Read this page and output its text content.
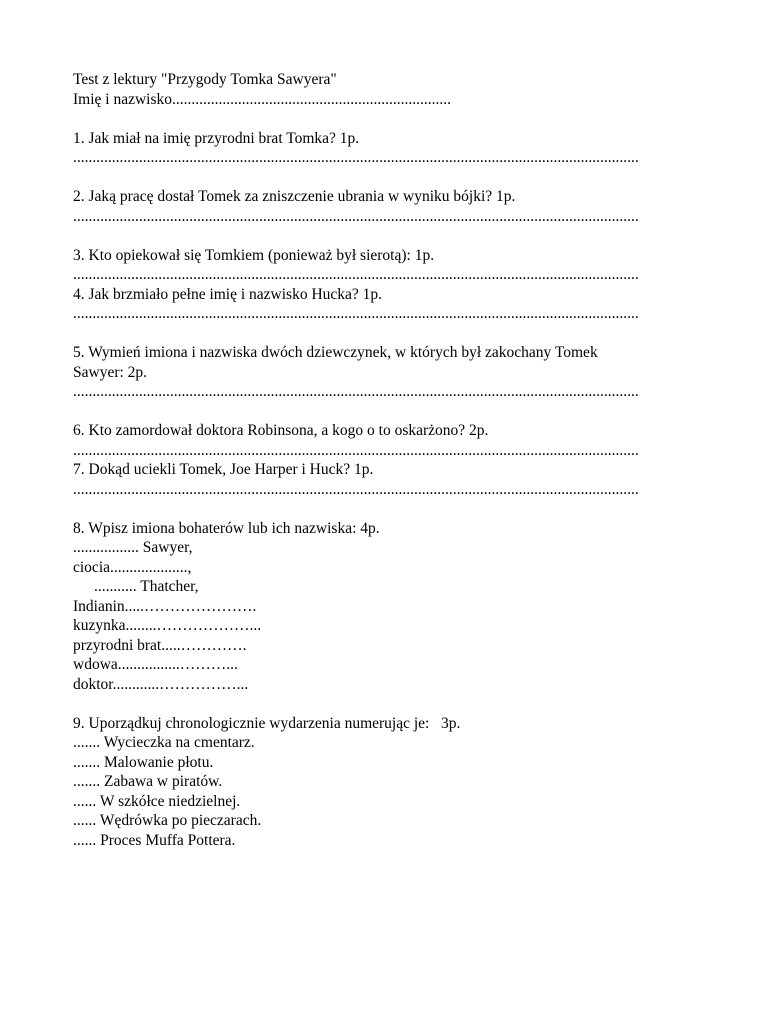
Test z lektury "Przygody Tomka Sawyera"
Imię i nazwisko........................................................................
1. Jak miał na imię przyrodni brat Tomka? 1p.
..................................................................................................................................................
2. Jaką pracę dostał Tomek za zniszczenie ubrania w wyniku bójki? 1p.
..................................................................................................................................................
3. Kto opiekował się Tomkiem (ponieważ był sierotą): 1p.
..................................................................................................................................................
4. Jak brzmiało pełne imię i nazwisko Hucka? 1p.
..................................................................................................................................................
5. Wymień imiona i nazwiska dwóch dziewczynek, w których był zakochany Tomek
Sawyer: 2p.
..................................................................................................................................................
6. Kto zamordował doktora Robinsona, a kogo o to oskarżono? 2p.
..................................................................................................................................................
7. Dokąd uciekli Tomek, Joe Harper i Huck? 1p.
..................................................................................................................................................
8. Wpisz imiona bohaterów lub ich nazwiska: 4p.
................. Sawyer,
ciocia....................,
........... Thatcher,
Indianin.....………………….
kuzynka........………………...
przyrodni brat.....………….
wdowa................………...
doktor............……………...
9. Uporządkuj chronologicznie wydarzenia numerując je:   3p.
....... Wycieczka na cmentarz.
....... Malowanie płotu.
....... Zabawa w piratów.
...... W szkółce niedzielnej.
...... Wędrówka po pieczarach.
...... Proces Muffa Pottera.
